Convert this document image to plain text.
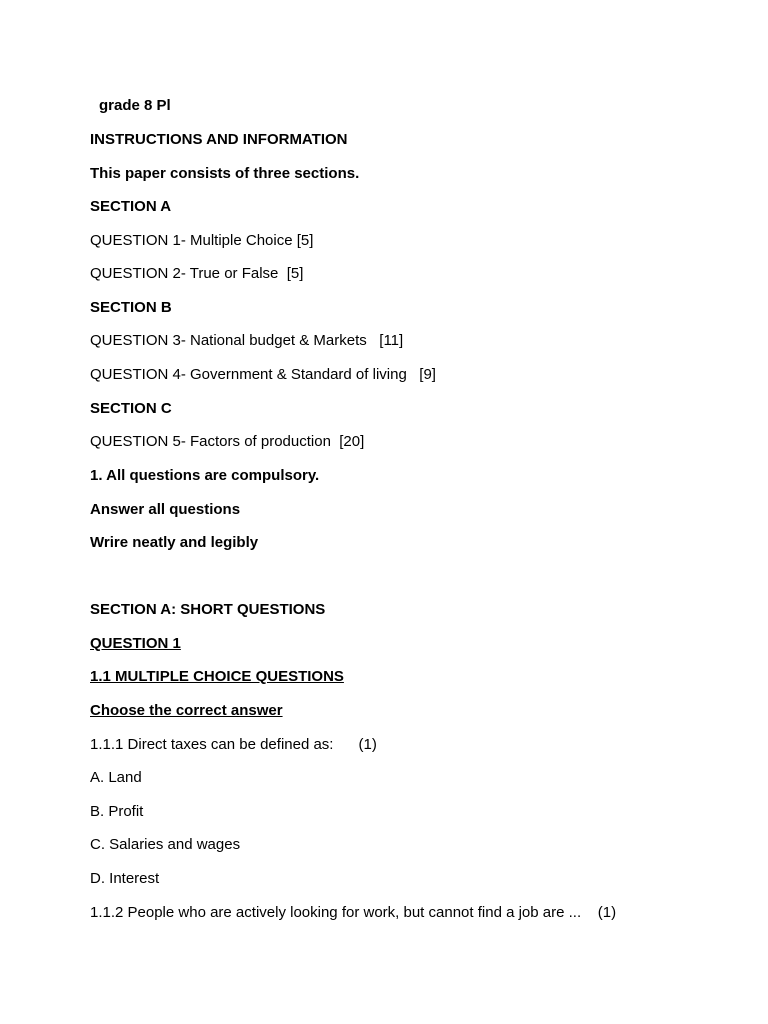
grade 8 Pl

INSTRUCTIONS AND INFORMATION

This paper consists of three sections.

SECTION A

QUESTION 1- Multiple Choice [5]

QUESTION 2- True or False  [5]

SECTION B

QUESTION 3- National budget & Markets   [11]

QUESTION 4- Government & Standard of living   [9]

SECTION C

QUESTION 5- Factors of production  [20]

1. All questions are compulsory.

Answer all questions

Wrire neatly and legibly

SECTION A: SHORT QUESTIONS

QUESTION 1

1.1 MULTIPLE CHOICE QUESTIONS

Choose the correct answer

1.1.1 Direct taxes can be defined as:      (1)

A. Land

B. Profit

C. Salaries and wages

D. Interest

1.1.2 People who are actively looking for work, but cannot find a job are ...    (1)
